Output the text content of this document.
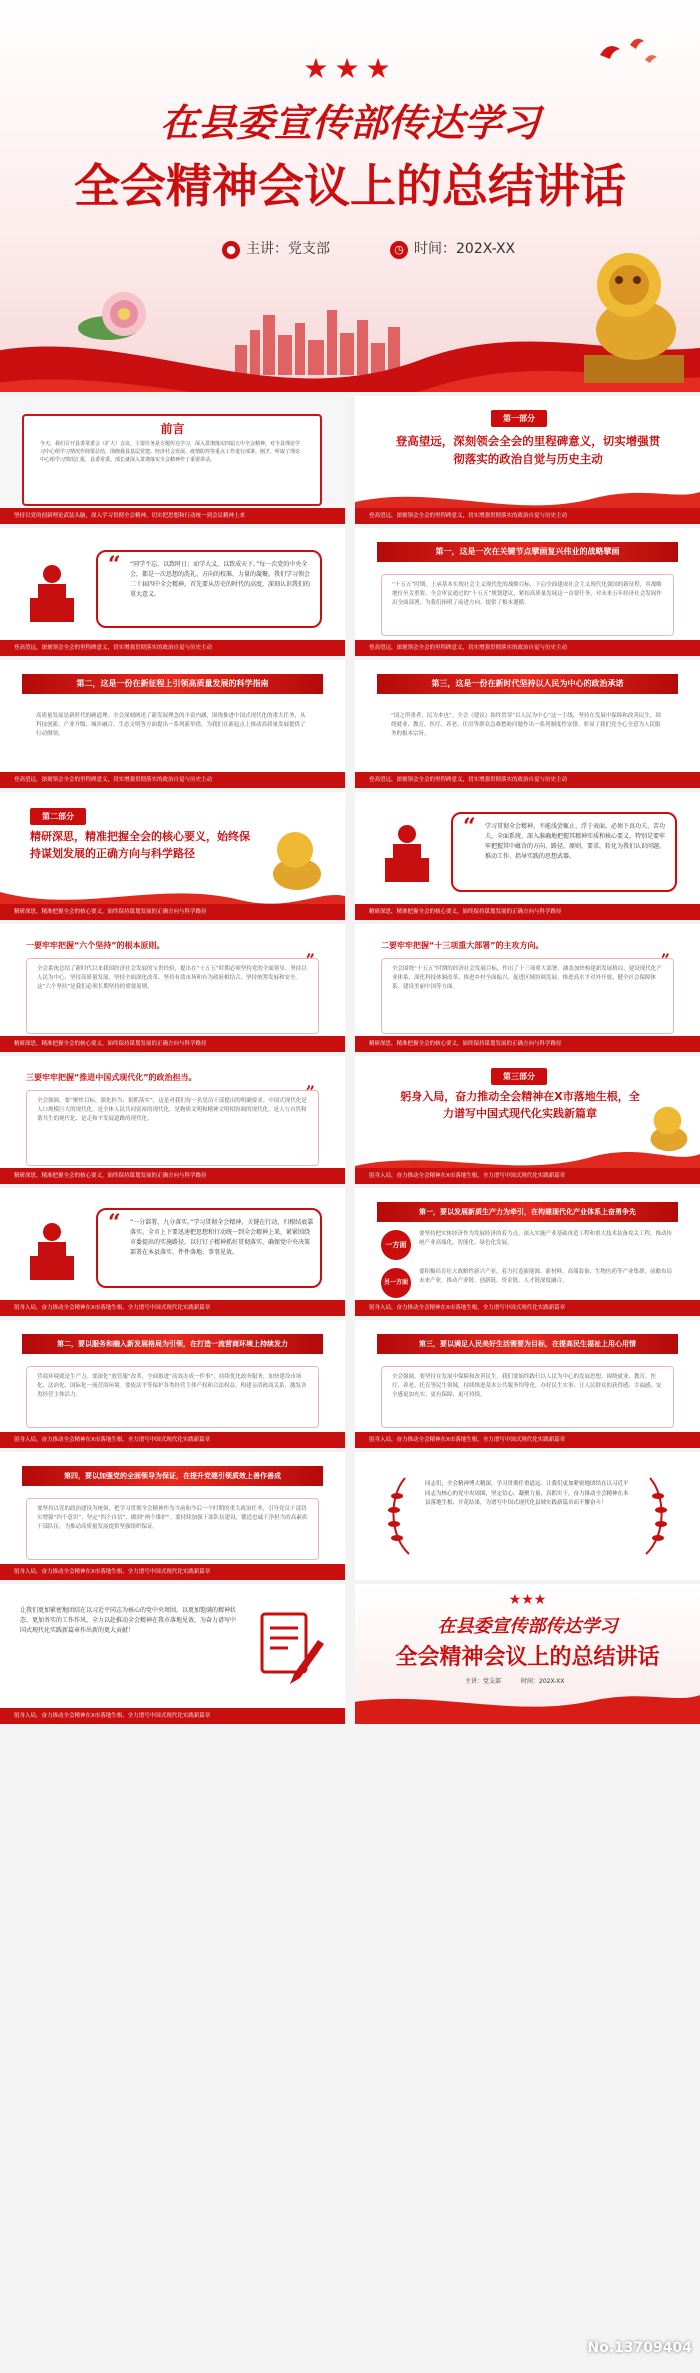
★★★
在县委宣传部传达学习
全会精神会议上的总结讲话
● 主讲：党支部	◷ 时间：202X-XX
前言
今天，我们召开县委常委会（扩大）会议，主要任务是专题传达学习、深入贯彻落实四届五中全会精神，对全县理论学习中心组学习情况作简要总结，围绕我县基层党建、经济社会发展、疫情防控等重点工作进行部署。刚才，听取了理论中心组学习情况汇报，县委常委、部长就深入贯彻落实全会精神作了重要讲话。
坚持以党的创新理论武装头脑，深入学习贯彻全会精神，切实把思想和行动统一到会议精神上来
第一部分
登高望远，深刻领会全会的里程碑意义，切实增强贯彻落实的政治自觉与历史主动
登高望远，深刻领会全会的里程碑意义，切实增强贯彻落实的政治自觉与历史主动
“ “同学不忘，以致时日；而学大义，以致成天下。”每一次党的中央全会，都是一次思想的洗礼、方向的校准、力量的凝聚。我们学习领会二十届四中全会精神，首先要从历史的时代的高度，深刻认识我们的重大意义。
登高望远，深刻领会全会的里程碑意义，切实增强贯彻落实的政治自觉与历史主动
第一，这是一次在关键节点擘画复兴伟业的战略擘画
“十五五”时期，上承基本实现社会主义现代化的战略目标，下启全面建成社会主义现代化强国的新征程，其战略地位至关重要。全会审议通过的“十五五”规划建议，紧扣高质量发展这一首要任务，对未来五年经济社会发展作出全面部署，为我们指明了前进方向、提供了根本遵循。
登高望远，深刻领会全会的里程碑意义，切实增强贯彻落实的政治自觉与历史主动
第二，这是一份在新征程上引领高质量发展的科学指南
高质量发展是新时代的硬道理。全会深刻阐述了新发展理念的丰富内涵，围绕推进中国式现代化的重大任务，从科技创新、产业升级、城乡融合、生态文明等方面提出一系列新举措，为我们在新起点上推动高质量发展提供了行动纲领。
登高望远，深刻领会全会的里程碑意义，切实增强贯彻落实的政治自觉与历史主动
第三，这是一份在新时代坚持以人民为中心的政治承诺
“国之所重者，民为本也”。全会《建议》始终贯穿“以人民为中心”这一主线，坚持在发展中保障和改善民生，围绕就业、教育、医疗、养老、住房等群众急难愁盼问题作出一系列制度性安排，彰显了我们党全心全意为人民服务的根本宗旨。
登高望远，深刻领会全会的里程碑意义，切实增强贯彻落实的政治自觉与历史主动
第二部分
精研深思，精准把握全会的核心要义，始终保持谋划发展的正确方向与科学路径
精研深思，精准把握全会的核心要义，始终保持谋划发展的正确方向与科学路径
“ 学习贯彻全会精神，不能浅尝辄止、浮于表面，必须下真功夫、苦功夫，全面系统、深入准确地把握其精神实质和核心要义，特别是要牢牢把握其中蕴含的方向、路径、原则、要求，转化为我们认识问题、推动工作、指导实践的思想武器。
精研深思，精准把握全会的核心要义，始终保持谋划发展的正确方向与科学路径
一要牢牢把握“六个坚持”的根本原则。
全会系统总结了新时代以来我国经济社会发展的宝贵经验，提出在“十五五”时期必须坚持党的全面领导、坚持以人民为中心、坚持高质量发展、坚持全面深化改革、坚持有效市场和有为政府相结合、坚持统筹发展和安全。这“六个坚持”是我们必须长期坚持的重要原则。
”
精研深思，精准把握全会的核心要义，始终保持谋划发展的正确方向与科学路径
二要牢牢把握“十三项重大部署”的主攻方向。
全会围绕“十五五”时期的经济社会发展目标，作出了十三项重大部署，涵盖加快构建新发展格局、建设现代化产业体系、深化科技体制改革、推进乡村全面振兴、促进区域协调发展、推进高水平对外开放、健全社会保障体系、建设美丽中国等方面。
”
精研深思，精准把握全会的核心要义，始终保持谋划发展的正确方向与科学路径
三要牢牢把握“推进中国式现代化”的政治担当。
全会强调，要“聚焦目标、强化担当、狠抓落实”，这是对我们每一名党员干部提出的明确要求。中国式现代化是人口规模巨大的现代化、是全体人民共同富裕的现代化、是物质文明和精神文明相协调的现代化、是人与自然和谐共生的现代化、是走和平发展道路的现代化。
”
精研深思，精准把握全会的核心要义，始终保持谋划发展的正确方向与科学路径
第三部分
躬身入局，奋力推动全会精神在X市落地生根，全力谱写中国式现代化实践新篇章
躬身入局，奋力推动全会精神在X市落地生根，全力谱写中国式现代化实践新篇章
“ “一分部署，九分落实。”学习贯彻全会精神，关键在行动，归根结底靠落实。全市上下要迅速把思想和行动统一到全会精神上来，紧紧围绕市委提出的实施路径，以钉钉子精神抓好贯彻落实，确保党中央决策部署在本县落实、件件落地、事事见效。
躬身入局，奋力推动全会精神在X市落地生根，全力谱写中国式现代化实践新篇章
第一，要以发展新质生产力为牵引，在构建现代化产业体系上奋勇争先
一方面
要坚持把实体经济作为发展经济的着力点，深入实施产业基础再造工程和重大技术装备攻关工程，推动传统产业高端化、智能化、绿色化发展。
另一方面
要积极培育壮大战略性新兴产业，着力打造新能源、新材料、高端装备、生物医药等产业集群，前瞻布局未来产业，推动产业链、创新链、资金链、人才链深度融合。
躬身入局，奋力推动全会精神在X市落地生根，全力谱写中国式现代化实践新篇章
第二，要以服务和融入新发展格局为引领，在打造一流营商环境上持续发力
营商环境就是生产力。要深化“放管服”改革，全面推进“高效办成一件事”，持续优化政务服务，加快建设市场化、法治化、国际化一流营商环境。要依法平等保护各类经营主体产权和合法权益，构建亲清政商关系，激发各类经营主体活力。
躬身入局，奋力推动全会精神在X市落地生根，全力谱写中国式现代化实践新篇章
第三，要以满足人民美好生活需要为目标，在提高民生福祉上用心用情
全会强调，要坚持在发展中保障和改善民生。我们要始终践行以人民为中心的发展思想，围绕就业、教育、医疗、养老、托育等民生领域，持续推进基本公共服务均等化，办好民生实事，让人民群众的获得感、幸福感、安全感更加充实、更有保障、更可持续。
躬身入局，奋力推动全会精神在X市落地生根，全力谱写中国式现代化实践新篇章
第四，要以加强党的全面领导为保证，在提升党建引领质效上善作善成
要坚持以党的政治建设为统领，把学习贯彻全会精神作为当前和今后一个时期的重大政治任务，引导党员干部切实增强“四个意识”、坚定“四个自信”、做到“两个维护”。要持续加强干部队伍建设，锻造忠诚干净担当的高素质干部队伍，为推动高质量发展提供坚强组织保证。
躬身入局，奋力推动全会精神在X市落地生根，全力谱写中国式现代化实践新篇章
同志们，全会精神博大精深，学习贯彻任重道远。让我们更加紧密地团结在以习近平同志为核心的党中央周围，坚定信心、凝聚力量、真抓实干，奋力推动全会精神在本县落地生根、开花结果，为谱写中国式现代化县域实践新篇章而不懈奋斗！
让我们更加紧密地团结在以习近平同志为核心的党中央周围，以更加饱满的精神状态、更加务实的工作作风，全力以赴推动全会精神在我市落地见效，为奋力谱写中国式现代化实践新篇章作出新的更大贡献！
躬身入局，奋力推动全会精神在X市落地生根，全力谱写中国式现代化实践新篇章
★★★
在县委宣传部传达学习
全会精神会议上的总结讲话
主讲：党支部	时间：202X-XX
No.13709404
